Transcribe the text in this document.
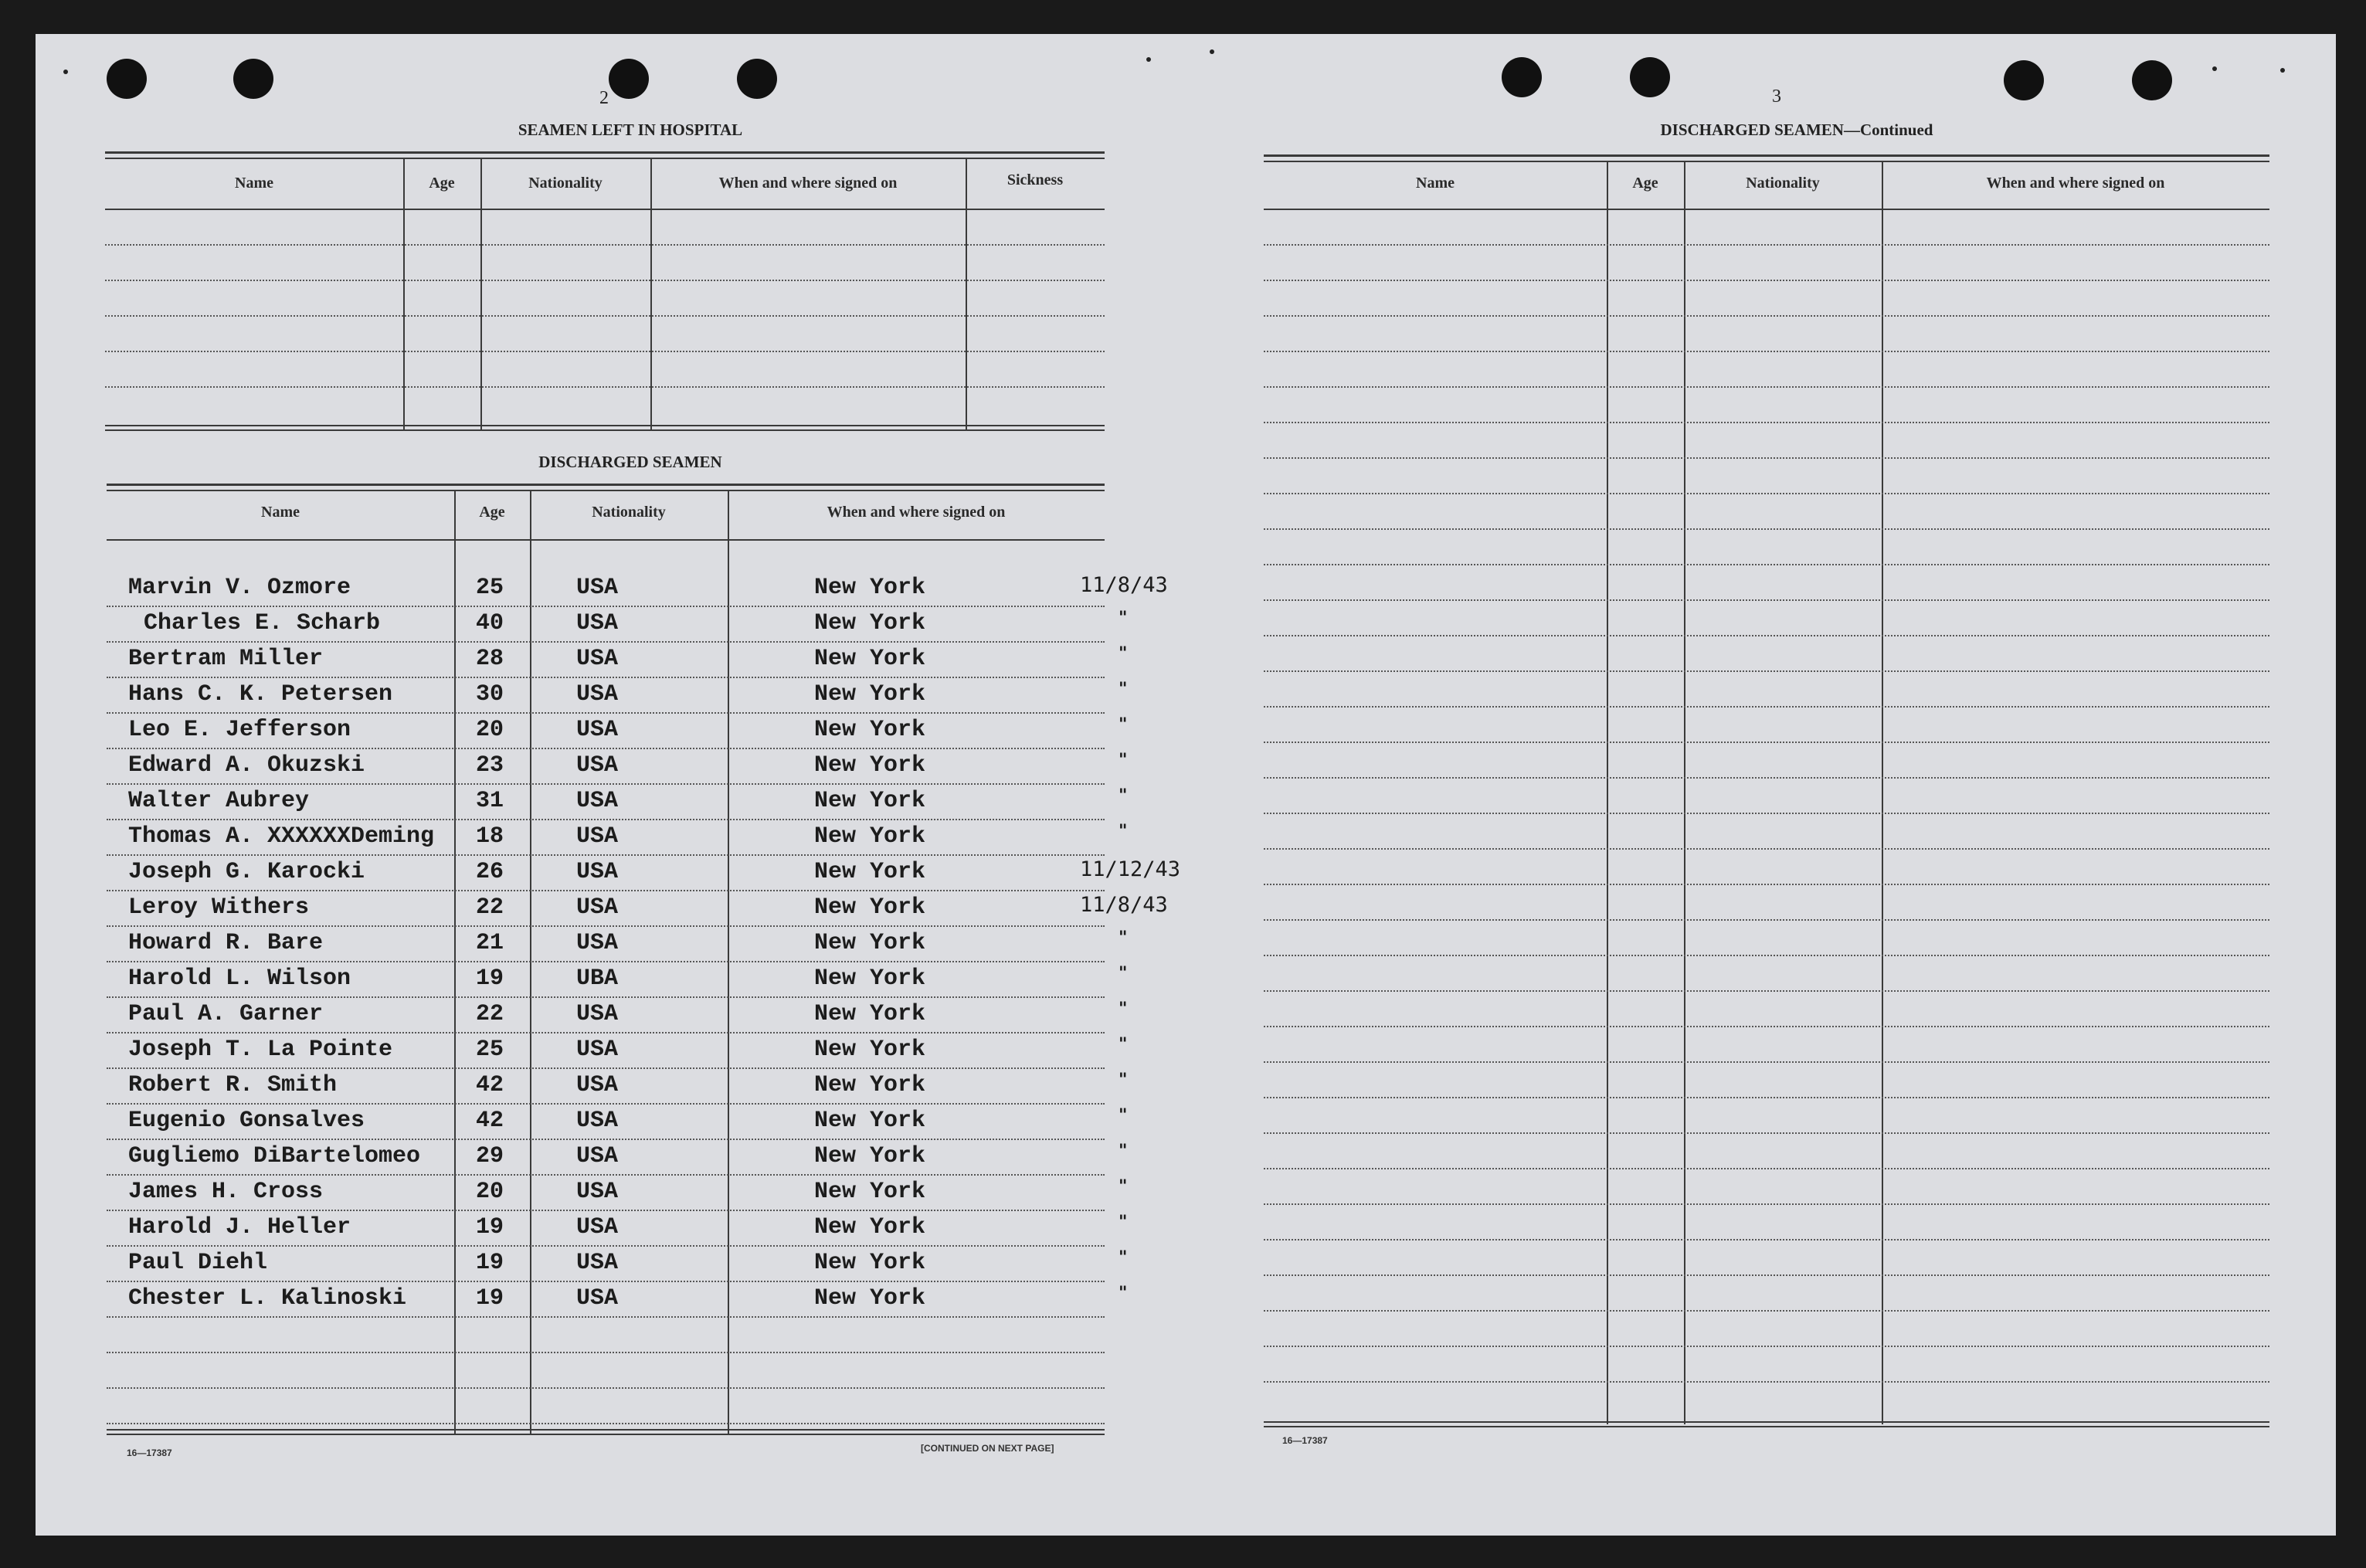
2
SEAMEN LEFT IN HOSPITAL
Name	Age	Nationality	When and where signed on	Sickness
DISCHARGED SEAMEN
Name	Age	Nationality	When and where signed on
Marvin V. Ozmore	25	USA	New York	11/8/43
Charles E. Scharb	40	USA	New York	"
Bertram Miller	28	USA	New York	"
Hans C. K. Petersen	30	USA	New York	"
Leo E. Jefferson	20	USA	New York	"
Edward A. Okuzski	23	USA	New York	"
Walter Aubrey	31	USA	New York	"
Thomas A. XXXXXXDeming 18	USA	New York	"
Joseph G. Karocki	26	USA	New York	11/12/43
Leroy Withers	22	USA	New York	11/8/43
Howard R. Bare	21	USA	New York	"
Harold L. Wilson	19	UBA	New York	"
Paul A. Garner	22	USA	New York	"
Joseph T. La Pointe	25	USA	New York	"
Robert R. Smith	42	USA	New York	"
Eugenio Gonsalves	42	USA	New York	"
Gugliemo DiBartelomeo 29	USA	New York	"
James H. Cross	20	USA	New York	"
Harold J. Heller	19	USA	New York	"
Paul Diehl	19	USA	New York	"
Chester L. Kalinoski	19	USA	New York	"
16—17387	[CONTINUED ON NEXT PAGE]
3
DISCHARGED SEAMEN—Continued
Name	Age	Nationality	When and where signed on
16—17387
